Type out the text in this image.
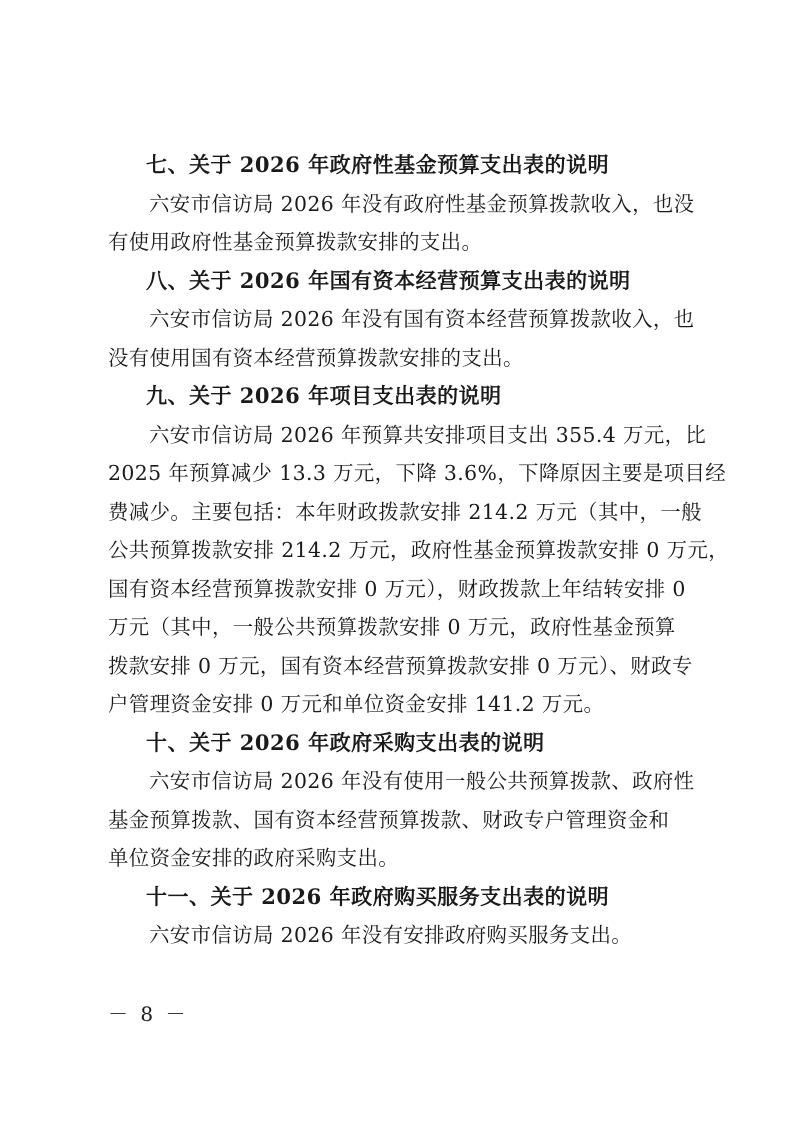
七、关于 2026 年政府性基金预算支出表的说明

六安市信访局 2026 年没有政府性基金预算拨款收入，也没
有使用政府性基金预算拨款安排的支出。

八、关于 2026 年国有资本经营预算支出表的说明

六安市信访局 2026 年没有国有资本经营预算拨款收入，也
没有使用国有资本经营预算拨款安排的支出。

九、关于 2026 年项目支出表的说明

六安市信访局 2026 年预算共安排项目支出 355.4 万元，比
2025 年预算减少 13.3 万元，下降 3.6%，下降原因主要是项目经
费减少。主要包括：本年财政拨款安排 214.2 万元（其中，一般
公共预算拨款安排 214.2 万元，政府性基金预算拨款安排 0 万元，
国有资本经营预算拨款安排 0 万元），财政拨款上年结转安排 0
万元（其中，一般公共预算拨款安排 0 万元，政府性基金预算
拨款安排 0 万元，国有资本经营预算拨款安排 0 万元）、财政专
户管理资金安排 0 万元和单位资金安排 141.2 万元。

十、关于 2026 年政府采购支出表的说明

六安市信访局 2026 年没有使用一般公共预算拨款、政府性
基金预算拨款、国有资本经营预算拨款、财政专户管理资金和
单位资金安排的政府采购支出。

十一、关于 2026 年政府购买服务支出表的说明

六安市信访局 2026 年没有安排政府购买服务支出。

－ 8 －
